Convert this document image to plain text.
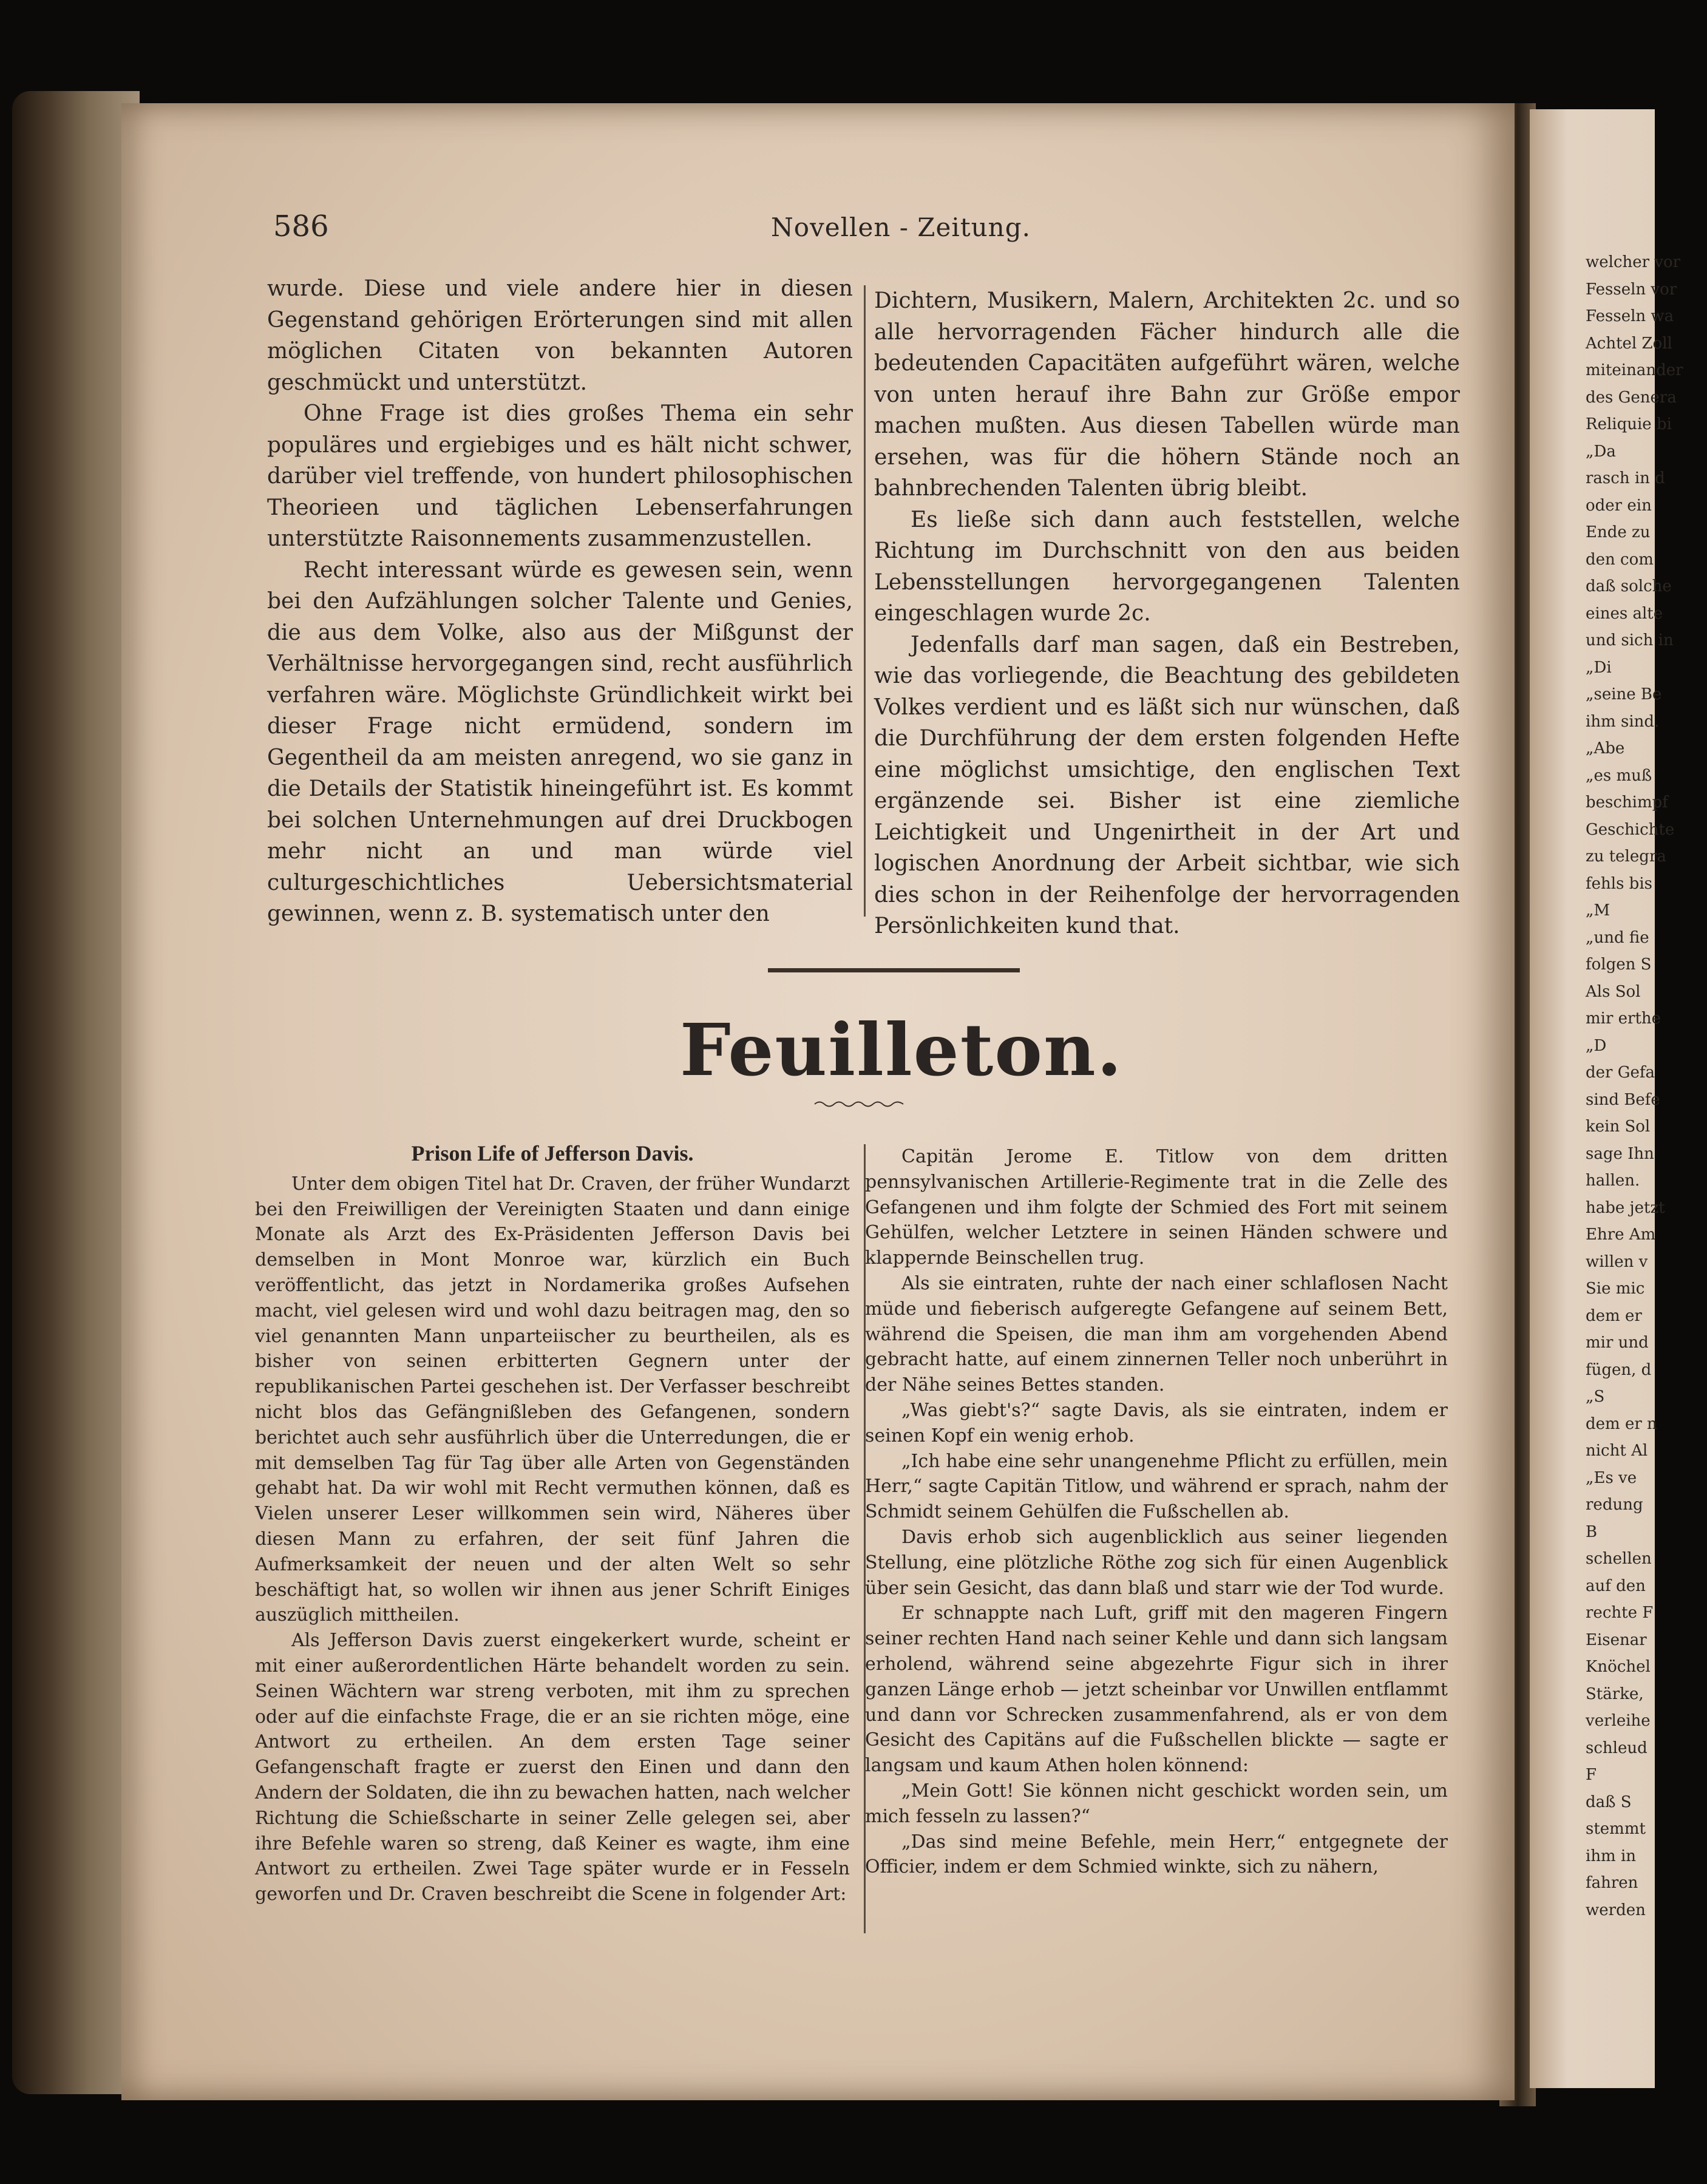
welcher vor
Fesseln vor
Fesseln wa
Achtel Zoll
miteinander
des Genera
Reliquie bi
„Da
rasch in d
oder ein
Ende zu
den com
daß solche
eines alte
und sich in
„Di
„seine Be
ihm sind.
„Abe
„es muß
beschimpf
Geschichte
zu telegra
fehls bis
„M
„und fie
folgen S
Als Sol
mir erthe
„D
der Gefa
sind Befe
kein Sol
sage Ihn
hallen.
habe jetzt
Ehre Am
willen v
Sie mic
dem er
mir und
fügen, d
„S
dem er n
nicht Al
„Es ve
redung
B
schellen
auf den
rechte F
Eisenar
Knöchel
Stärke,
verleihe
schleud
F
daß S
stemmt
ihm in
fahren
werden
586	Novellen - Zeitung.

wurde. Diese und viele andere hier in diesen Gegenstand gehörigen Erörterungen sind mit allen möglichen Citaten von bekannten Autoren geschmückt und unterstützt.

Ohne Frage ist dies großes Thema ein sehr populäres und ergiebiges und es hält nicht schwer, darüber viel treffende, von hundert philosophischen Theorieen und täglichen Lebenserfahrungen unterstützte Raisonnements zusammenzustellen.

Recht interessant würde es gewesen sein, wenn bei den Aufzählungen solcher Talente und Genies, die aus dem Volke, also aus der Mißgunst der Verhältnisse hervorgegangen sind, recht ausführlich verfahren wäre. Möglichste Gründlichkeit wirkt bei dieser Frage nicht ermüdend, sondern im Gegentheil da am meisten anregend, wo sie ganz in die Details der Statistik hineingeführt ist. Es kommt bei solchen Unternehmungen auf drei Druckbogen mehr nicht an und man würde viel culturgeschichtliches Uebersichtsmaterial gewinnen, wenn z. B. systematisch unter den

Dichtern, Musikern, Malern, Architekten 2c. und so alle hervorragenden Fächer hindurch alle die bedeutenden Capacitäten aufgeführt wären, welche von unten herauf ihre Bahn zur Größe empor machen mußten. Aus diesen Tabellen würde man ersehen, was für die höhern Stände noch an bahnbrechenden Talenten übrig bleibt.

Es ließe sich dann auch feststellen, welche Richtung im Durchschnitt von den aus beiden Lebensstellungen hervorgegangenen Talenten eingeschlagen wurde 2c.

Jedenfalls darf man sagen, daß ein Bestreben, wie das vorliegende, die Beachtung des gebildeten Volkes verdient und es läßt sich nur wünschen, daß die Durchführung der dem ersten folgenden Hefte eine möglichst umsichtige, den englischen Text ergänzende sei. Bisher ist eine ziemliche Leichtigkeit und Ungenirtheit in der Art und logischen Anordnung der Arbeit sichtbar, wie sich dies schon in der Reihenfolge der hervorragenden Persönlichkeiten kund that.

Feuilleton.

Prison Life of Jefferson Davis.

Unter dem obigen Titel hat Dr. Craven, der früher Wundarzt bei den Freiwilligen der Vereinigten Staaten und dann einige Monate als Arzt des Ex-Präsidenten Jefferson Davis bei demselben in Mont Monroe war, kürzlich ein Buch veröffentlicht, das jetzt in Nordamerika großes Aufsehen macht, viel gelesen wird und wohl dazu beitragen mag, den so viel genannten Mann unparteiischer zu beurtheilen, als es bisher von seinen erbitterten Gegnern unter der republikanischen Partei geschehen ist. Der Verfasser beschreibt nicht blos das Gefängnißleben des Gefangenen, sondern berichtet auch sehr ausführlich über die Unterredungen, die er mit demselben Tag für Tag über alle Arten von Gegenständen gehabt hat. Da wir wohl mit Recht vermuthen können, daß es Vielen unserer Leser willkommen sein wird, Näheres über diesen Mann zu erfahren, der seit fünf Jahren die Aufmerksamkeit der neuen und der alten Welt so sehr beschäftigt hat, so wollen wir ihnen aus jener Schrift Einiges auszüglich mittheilen.

Als Jefferson Davis zuerst eingekerkert wurde, scheint er mit einer außerordentlichen Härte behandelt worden zu sein. Seinen Wächtern war streng verboten, mit ihm zu sprechen oder auf die einfachste Frage, die er an sie richten möge, eine Antwort zu ertheilen. An dem ersten Tage seiner Gefangenschaft fragte er zuerst den Einen und dann den Andern der Soldaten, die ihn zu bewachen hatten, nach welcher Richtung die Schießscharte in seiner Zelle gelegen sei, aber ihre Befehle waren so streng, daß Keiner es wagte, ihm eine Antwort zu ertheilen. Zwei Tage später wurde er in Fesseln geworfen und Dr. Craven beschreibt die Scene in folgender Art:

Capitän Jerome E. Titlow von dem dritten pennsylvanischen Artillerie-Regimente trat in die Zelle des Gefangenen und ihm folgte der Schmied des Fort mit seinem Gehülfen, welcher Letztere in seinen Händen schwere und klappernde Beinschellen trug.

Als sie eintraten, ruhte der nach einer schlaflosen Nacht müde und fieberisch aufgeregte Gefangene auf seinem Bett, während die Speisen, die man ihm am vorgehenden Abend gebracht hatte, auf einem zinnernen Teller noch unberührt in der Nähe seines Bettes standen.

„Was giebt's?“ sagte Davis, als sie eintraten, indem er seinen Kopf ein wenig erhob.

„Ich habe eine sehr unangenehme Pflicht zu erfüllen, mein Herr,“ sagte Capitän Titlow, und während er sprach, nahm der Schmidt seinem Gehülfen die Fußschellen ab.

Davis erhob sich augenblicklich aus seiner liegenden Stellung, eine plötzliche Röthe zog sich für einen Augenblick über sein Gesicht, das dann blaß und starr wie der Tod wurde.

Er schnappte nach Luft, griff mit den mageren Fingern seiner rechten Hand nach seiner Kehle und dann sich langsam erholend, während seine abgezehrte Figur sich in ihrer ganzen Länge erhob — jetzt scheinbar vor Unwillen entflammt und dann vor Schrecken zusammenfahrend, als er von dem Gesicht des Capitäns auf die Fußschellen blickte — sagte er langsam und kaum Athen holen könnend:

„Mein Gott! Sie können nicht geschickt worden sein, um mich fesseln zu lassen?“

„Das sind meine Befehle, mein Herr,“ entgegnete der Officier, indem er dem Schmied winkte, sich zu nähern,
